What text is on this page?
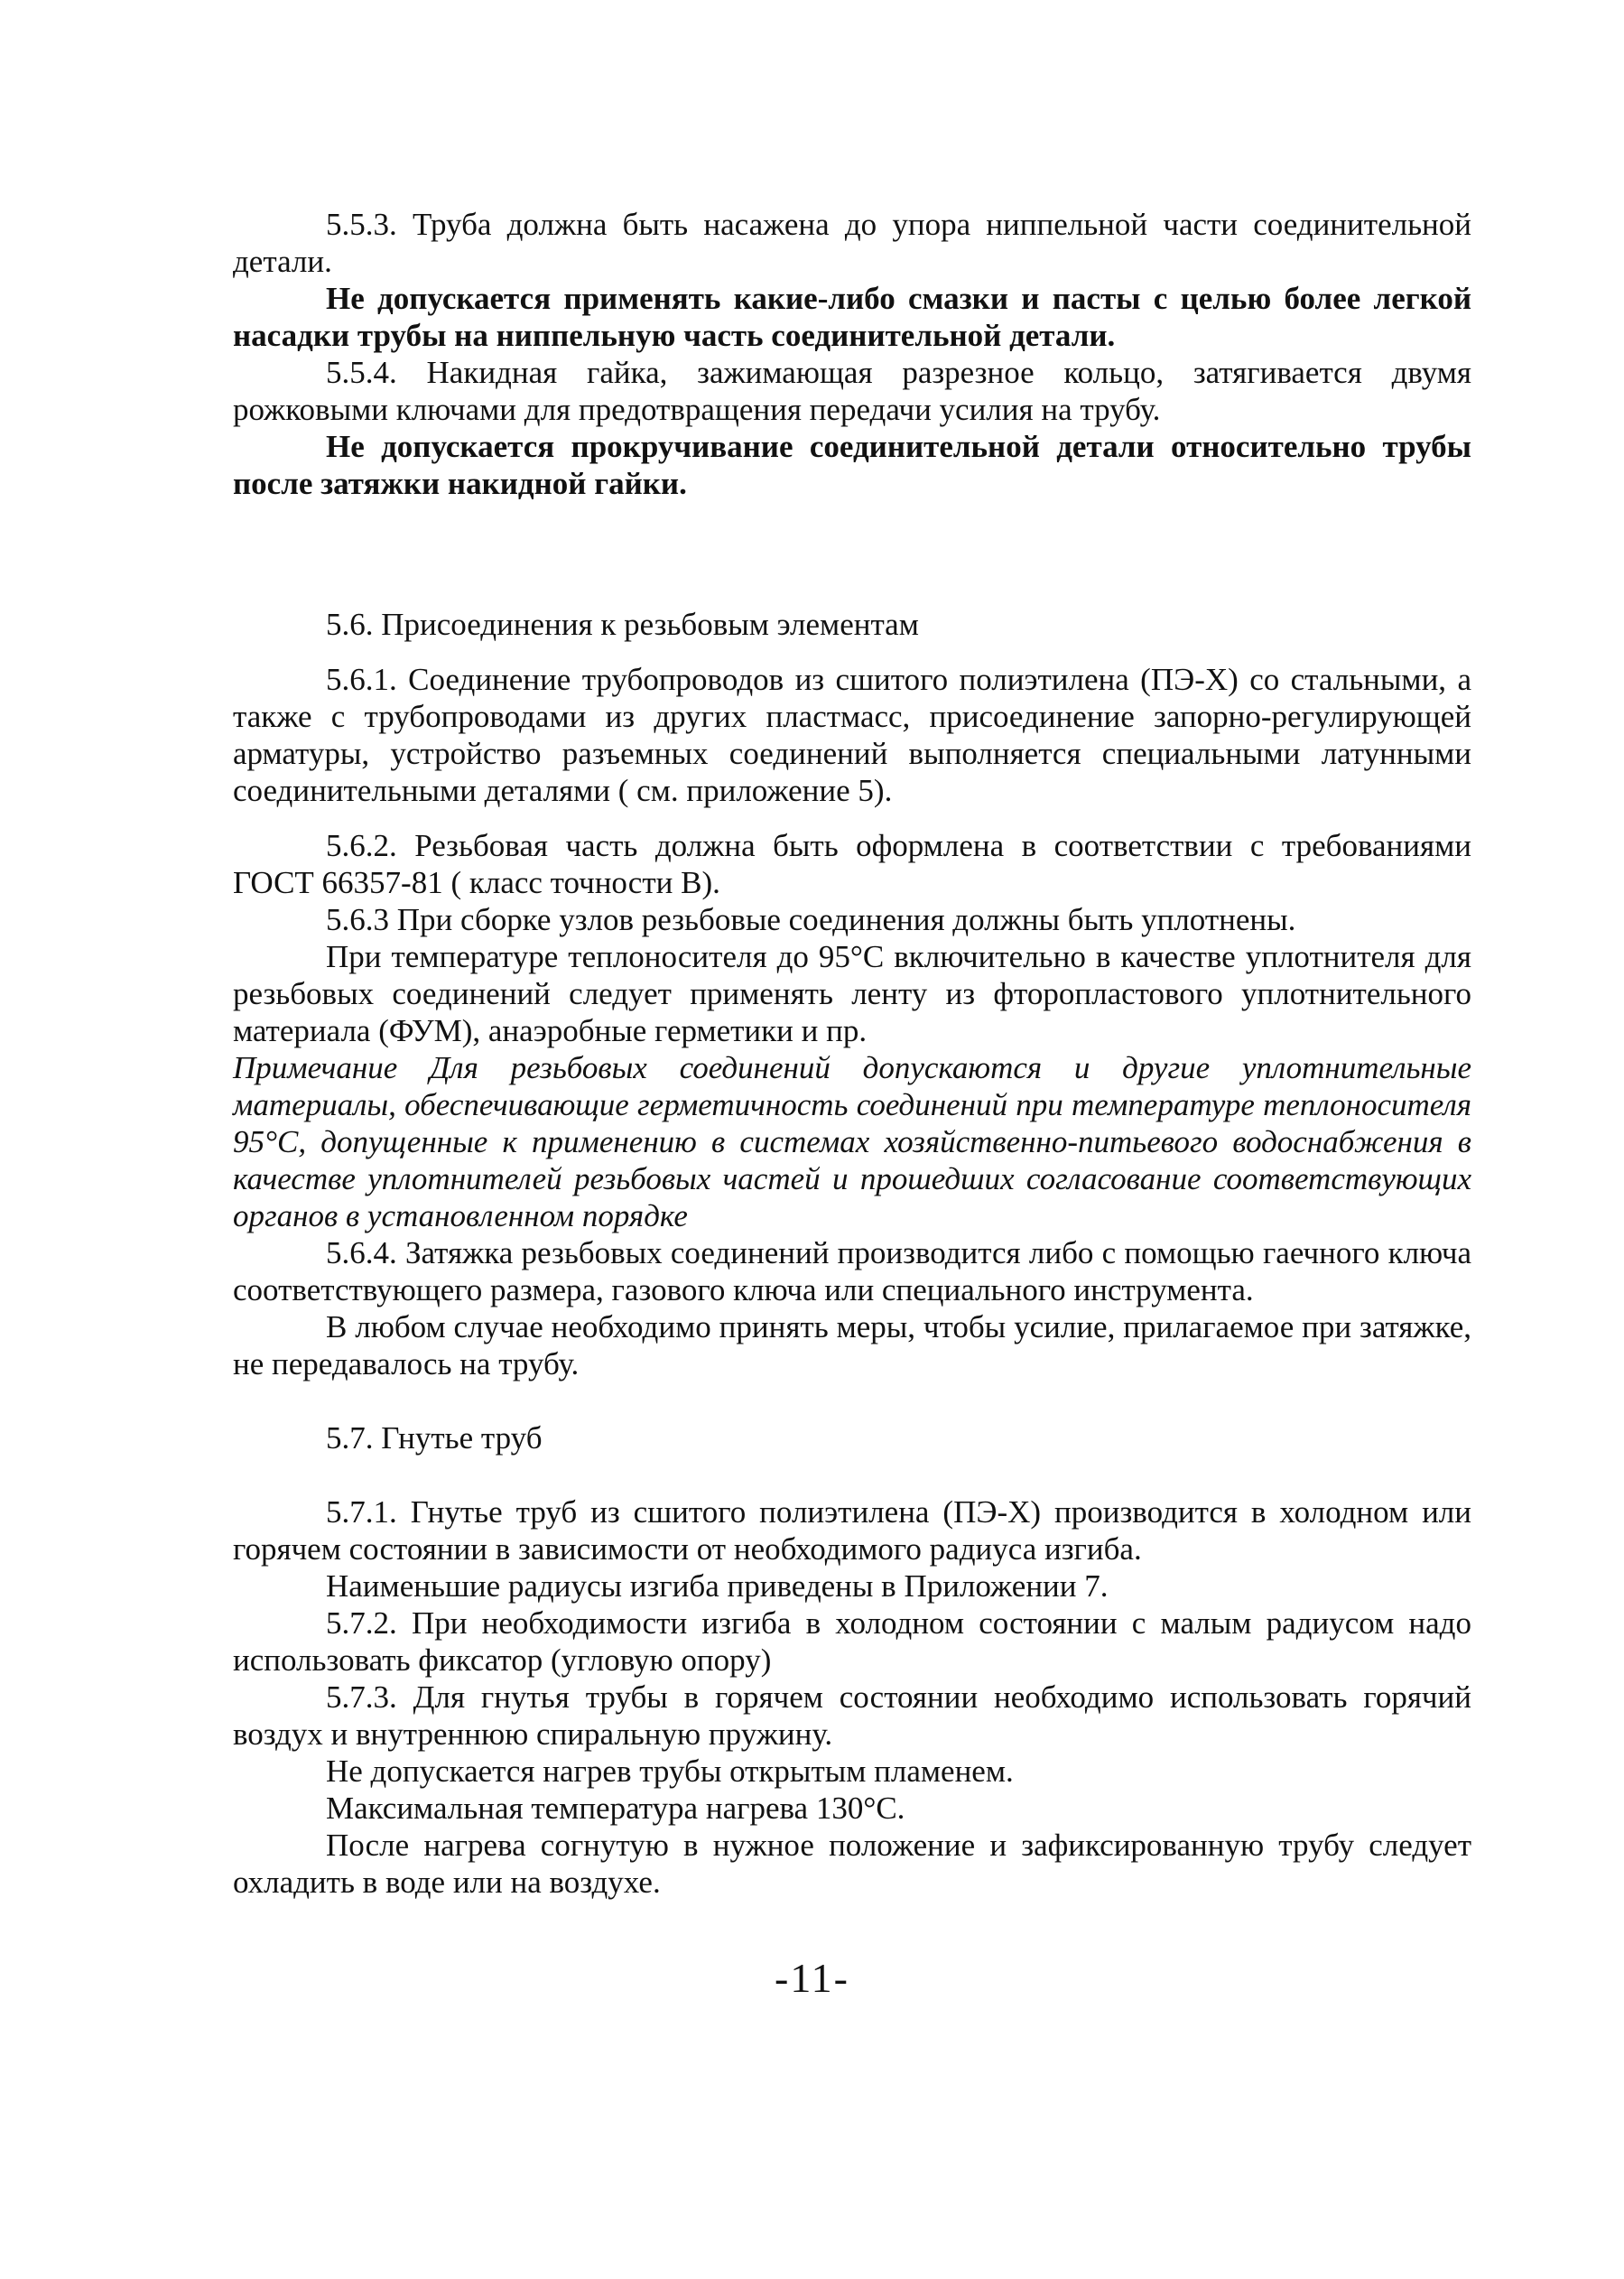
5.5.3. Труба должна быть насажена до упора ниппельной части соединительной детали.

Не допускается применять какие-либо смазки и пасты с целью более легкой насадки трубы на ниппельную часть соединительной детали.

5.5.4. Накидная гайка, зажимающая разрезное кольцо, затягивается двумя рожковыми ключами для предотвращения передачи усилия на трубу.

Не допускается прокручивание соединительной детали относительно трубы после затяжки накидной гайки.

5.6. Присоединения к резьбовым элементам

5.6.1. Соединение трубопроводов из сшитого полиэтилена (ПЭ-Х) со стальными, а также с трубопроводами из других пластмасс, присоединение запорно-регулирующей арматуры, устройство разъемных соединений выполняется специальными латунными соединительными деталями ( см. приложение 5).

5.6.2. Резьбовая часть должна быть оформлена в соответствии с требованиями ГОСТ 66357-81 ( класс точности В).

5.6.3 При сборке узлов резьбовые соединения должны быть уплотнены.

При температуре теплоносителя до 95°С включительно в качестве уплотнителя для резьбовых соединений следует применять ленту из фторопластового уплотнительного материала (ФУМ), анаэробные герметики и пр.

Примечание Для резьбовых соединений допускаются и другие уплотнительные материалы, обеспечивающие герметичность соединений при температуре теплоносителя 95°С, допущенные к применению в системах хозяйственно-питьевого водоснабжения в качестве уплотнителей резьбовых частей и прошедших согласование соответствующих органов в установленном порядке

5.6.4. Затяжка резьбовых соединений производится либо с помощью гаечного ключа соответствующего размера, газового ключа или специального инструмента.

В любом случае необходимо принять меры, чтобы усилие, прилагаемое при затяжке, не передавалось на трубу.

5.7. Гнутье труб

5.7.1. Гнутье труб из сшитого полиэтилена (ПЭ-Х) производится в холодном или горячем состоянии в зависимости от необходимого радиуса изгиба.

Наименьшие радиусы изгиба приведены в Приложении 7.

5.7.2. При необходимости изгиба в холодном состоянии с малым радиусом надо использовать фиксатор (угловую опору)

5.7.3. Для гнутья трубы в горячем состоянии необходимо использовать горячий воздух и внутреннюю спиральную пружину.

Не допускается нагрев трубы открытым пламенем.

Максимальная температура нагрева 130°С.

После нагрева согнутую в нужное положение и зафиксированную трубу следует охладить в воде или на воздухе.

-11-
